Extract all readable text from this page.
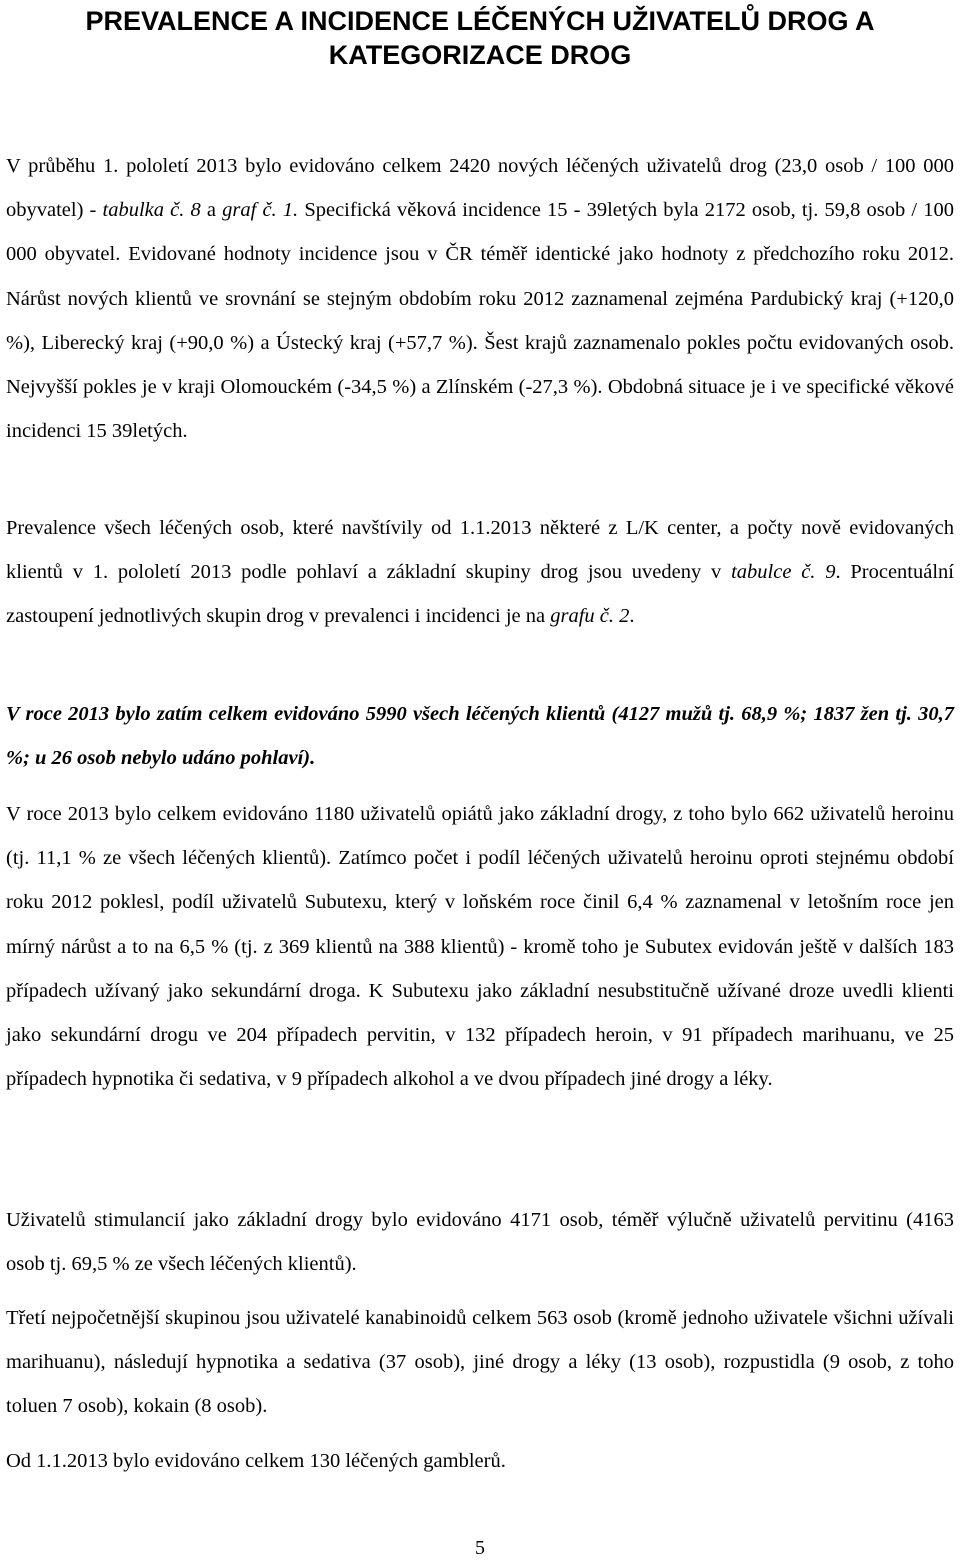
PREVALENCE A INCIDENCE LÉČENÝCH UŽIVATELŮ DROG A
KATEGORIZACE DROG

V průběhu 1. pololetí 2013 bylo evidováno celkem 2420 nových léčených uživatelů drog (23,0 osob / 100 000 obyvatel) - tabulka č. 8 a graf č. 1. Specifická věková incidence 15 - 39letých byla 2172 osob, tj. 59,8 osob / 100 000 obyvatel. Evidované hodnoty incidence jsou v ČR téměř identické jako hodnoty z předchozího roku 2012. Nárůst nových klientů ve srovnání se stejným obdobím roku 2012 zaznamenal zejména Pardubický kraj (+120,0 %), Liberecký kraj (+90,0 %) a Ústecký kraj (+57,7 %). Šest krajů zaznamenalo pokles počtu evidovaných osob. Nejvyšší pokles je v kraji Olomouckém (-34,5 %) a Zlínském (-27,3 %). Obdobná situace je i ve specifické věkové incidenci 15 39letých.

Prevalence všech léčených osob, které navštívily od 1.1.2013 některé z L/K center, a počty nově evidovaných klientů v 1. pololetí 2013 podle pohlaví a základní skupiny drog jsou uvedeny v tabulce č. 9. Procentuální zastoupení jednotlivých skupin drog v prevalenci i incidenci je na grafu č. 2.

V roce 2013 bylo zatím celkem evidováno 5990 všech léčených klientů (4127 mužů tj. 68,9 %; 1837 žen tj. 30,7 %; u 26 osob nebylo udáno pohlaví).

V roce 2013 bylo celkem evidováno 1180 uživatelů opiátů jako základní drogy, z toho bylo 662 uživatelů heroinu (tj. 11,1 % ze všech léčených klientů). Zatímco počet i podíl léčených uživatelů heroinu oproti stejnému období roku 2012 poklesl, podíl uživatelů Subutexu, který v loňském roce činil 6,4 % zaznamenal v letošním roce jen mírný nárůst a to na 6,5 % (tj. z 369 klientů na 388 klientů) - kromě toho je Subutex evidován ještě v dalších 183 případech užívaný jako sekundární droga. K Subutexu jako základní nesubstitučně užívané droze uvedli klienti jako sekundární drogu ve 204 případech pervitin, v 132 případech heroin, v 91 případech marihuanu, ve 25 případech hypnotika či sedativa, v 9 případech alkohol a ve dvou případech jiné drogy a léky.

Uživatelů stimulancií jako základní drogy bylo evidováno 4171 osob, téměř výlučně uživatelů pervitinu (4163 osob tj. 69,5 % ze všech léčených klientů).

Třetí nejpočetnější skupinou jsou uživatelé kanabinoidů celkem 563 osob (kromě jednoho uživatele všichni užívali marihuanu), následují hypnotika a sedativa (37 osob), jiné drogy a léky (13 osob), rozpustidla (9 osob, z toho toluen 7 osob), kokain (8 osob).

Od 1.1.2013 bylo evidováno celkem 130 léčených gamblerů.

5
